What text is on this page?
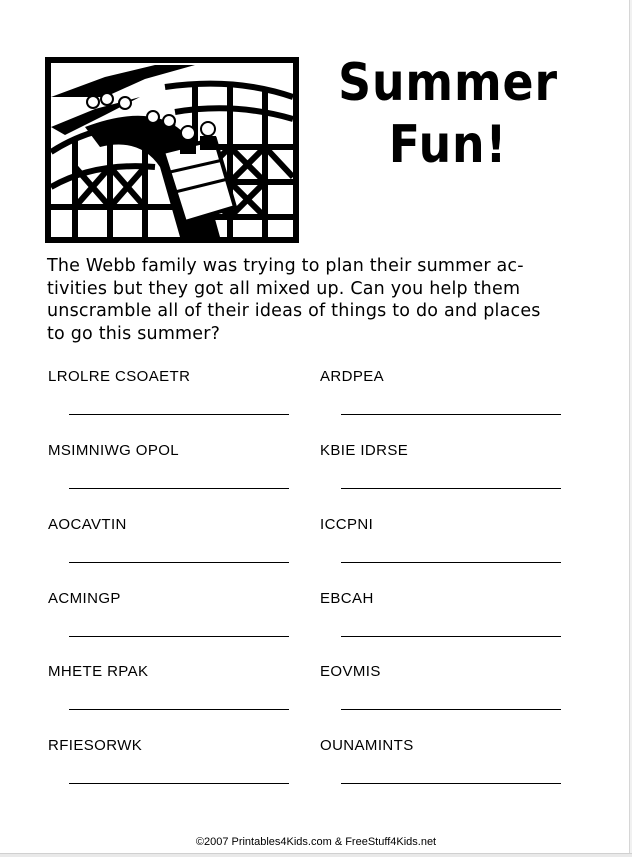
Summer
Fun!
The Webb family was trying to plan their summer ac-
tivities but they got all mixed up. Can you help them
unscramble all of their ideas of things to do and places
to go this summer?
LROLRE CSOAETR
MSIMNIWG OPOL
AOCAVTIN
ACMINGP
MHETE RPAK
RFIESORWK
ARDPEA
KBIE IDRSE
ICCPNI
EBCAH
EOVMIS
OUNAMINTS
©2007 Printables4Kids.com & FreeStuff4Kids.net
